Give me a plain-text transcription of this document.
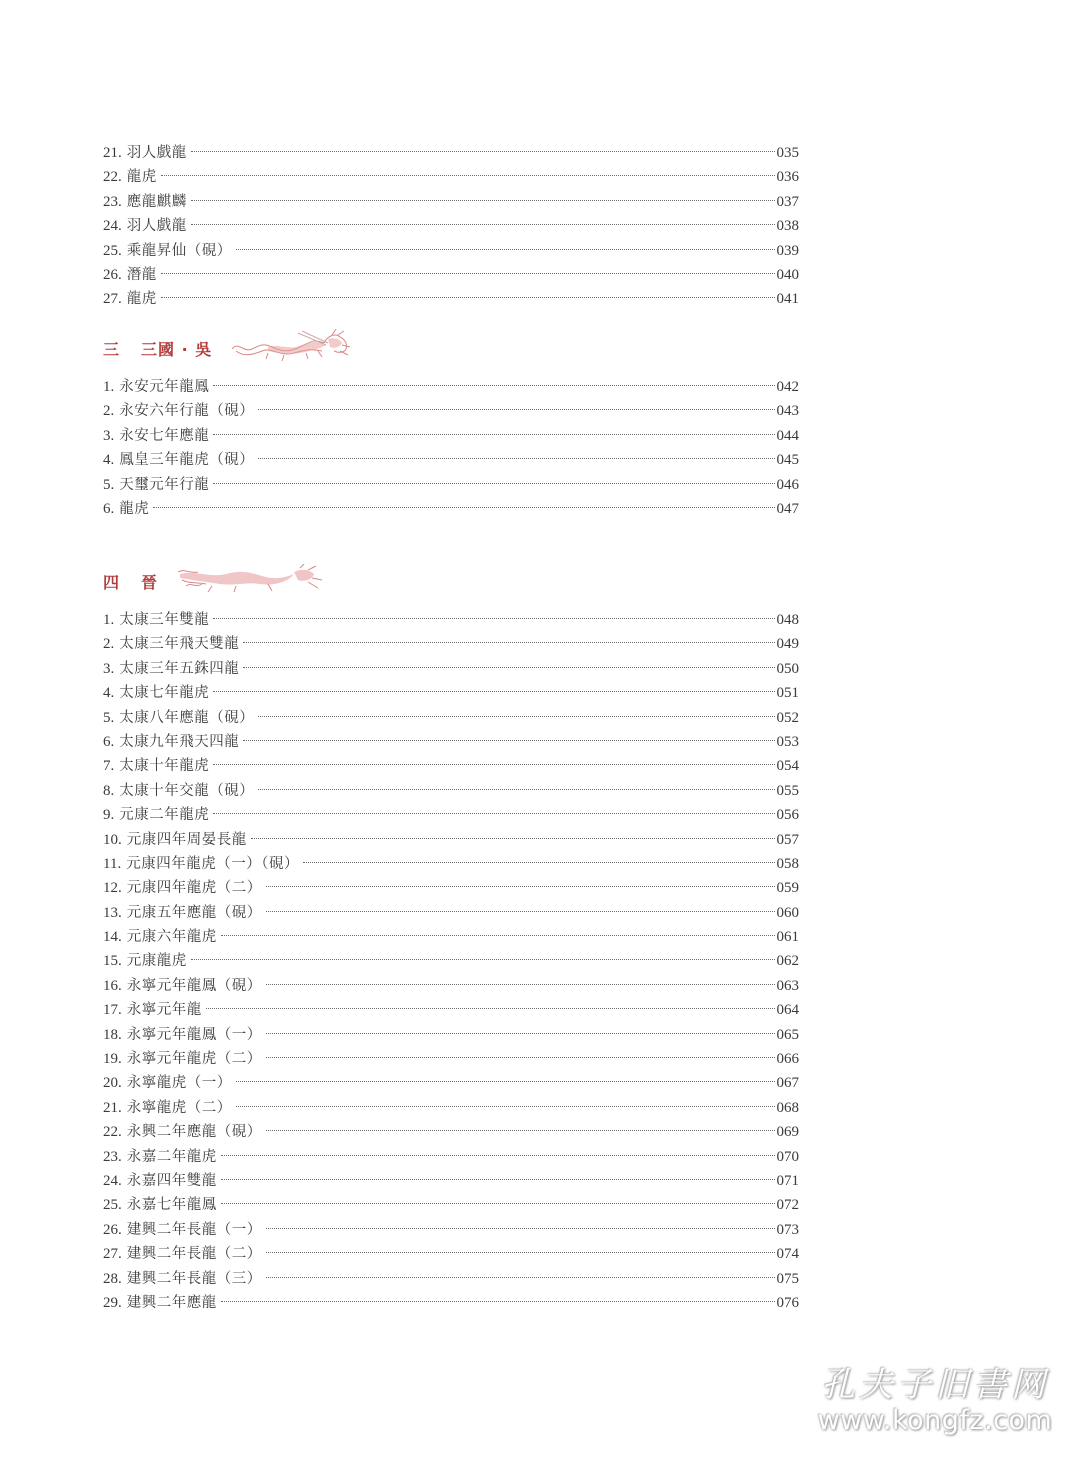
21. 羽人戲龍	035
22. 龍虎	036
23. 應龍麒麟	037
24. 羽人戲龍	038
25. 乘龍昇仙（硯）	039
26. 潛龍	040
27. 龍虎	041
三 三國 · 吳
1. 永安元年龍鳳	042
2. 永安六年行龍（硯）	043
3. 永安七年應龍	044
4. 鳳皇三年龍虎（硯）	045
5. 天璽元年行龍	046
6. 龍虎	047
四 晉
1. 太康三年雙龍	048
2. 太康三年飛天雙龍	049
3. 太康三年五銖四龍	050
4. 太康七年龍虎	051
5. 太康八年應龍（硯）	052
6. 太康九年飛天四龍	053
7. 太康十年龍虎	054
8. 太康十年交龍（硯）	055
9. 元康二年龍虎	056
10. 元康四年周晏長龍	057
11. 元康四年龍虎（一）（硯）	058
12. 元康四年龍虎（二）	059
13. 元康五年應龍（硯）	060
14. 元康六年龍虎	061
15. 元康龍虎	062
16. 永寧元年龍鳳（硯）	063
17. 永寧元年龍	064
18. 永寧元年龍鳳（一）	065
19. 永寧元年龍虎（二）	066
20. 永寧龍虎（一）	067
21. 永寧龍虎（二）	068
22. 永興二年應龍（硯）	069
23. 永嘉二年龍虎	070
24. 永嘉四年雙龍	071
25. 永嘉七年龍鳳	072
26. 建興二年長龍（一）	073
27. 建興二年長龍（二）	074
28. 建興二年長龍（三）	075
29. 建興二年應龍	076
孔夫子旧書网
www.kongfz.com
